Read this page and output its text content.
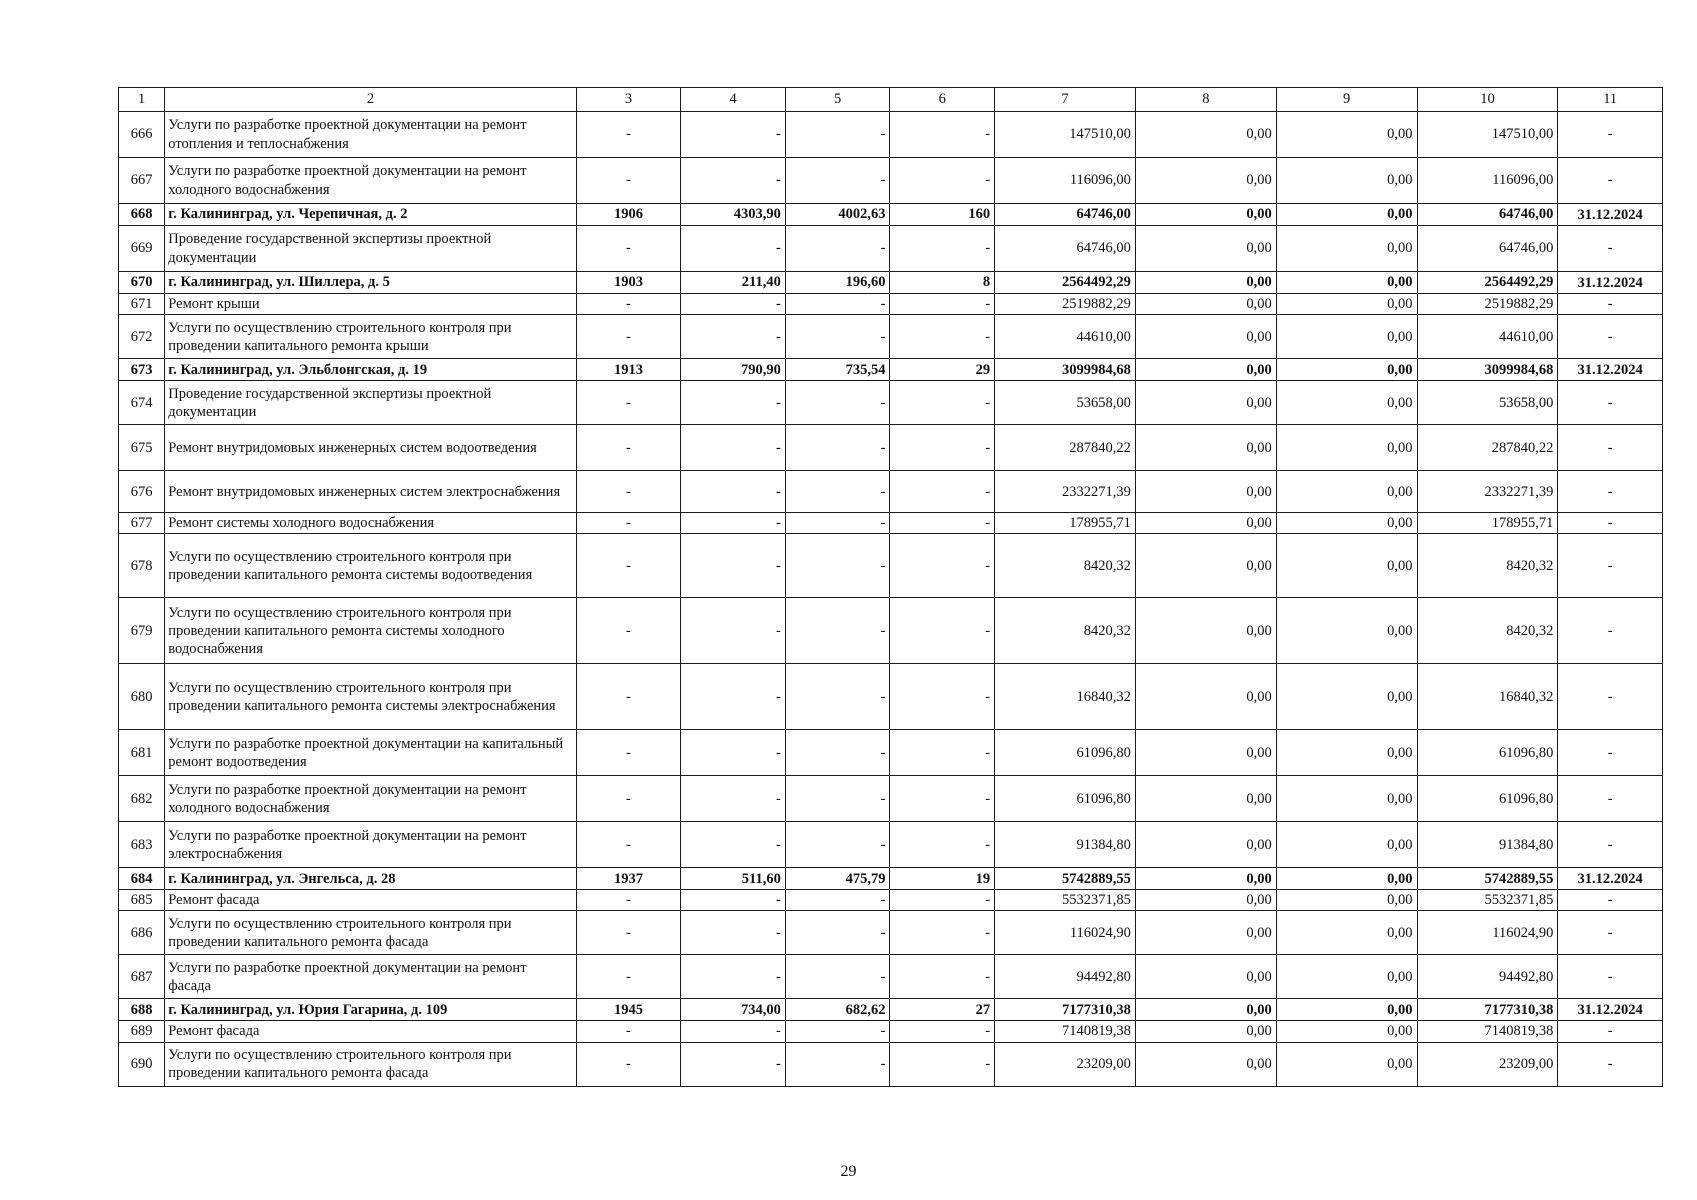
1	2	3	4	5	6	7	8	9	10	11
666	Услуги по разработке проектной документации на ремонт отопления и теплоснабжения	-	-	-	-	147510,00	0,00	0,00	147510,00	-
667	Услуги по разработке проектной документации на ремонт холодного водоснабжения	-	-	-	-	116096,00	0,00	0,00	116096,00	-
668	г. Калининград, ул. Черепичная, д. 2	1906	4303,90	4002,63	160	64746,00	0,00	0,00	64746,00	31.12.2024
669	Проведение государственной экспертизы проектной документации	-	-	-	-	64746,00	0,00	0,00	64746,00	-
670	г. Калининград, ул. Шиллера, д. 5	1903	211,40	196,60	8	2564492,29	0,00	0,00	2564492,29	31.12.2024
671	Ремонт крыши	-	-	-	-	2519882,29	0,00	0,00	2519882,29	-
672	Услуги по осуществлению строительного контроля при проведении капитального ремонта крыши	-	-	-	-	44610,00	0,00	0,00	44610,00	-
673	г. Калининград, ул. Эльблонгская, д. 19	1913	790,90	735,54	29	3099984,68	0,00	0,00	3099984,68	31.12.2024
674	Проведение государственной экспертизы проектной документации	-	-	-	-	53658,00	0,00	0,00	53658,00	-
675	Ремонт внутридомовых инженерных систем водоотведения	-	-	-	-	287840,22	0,00	0,00	287840,22	-
676	Ремонт внутридомовых инженерных систем электроснабжения	-	-	-	-	2332271,39	0,00	0,00	2332271,39	-
677	Ремонт системы холодного водоснабжения	-	-	-	-	178955,71	0,00	0,00	178955,71	-
678	Услуги по осуществлению строительного контроля при проведении капитального ремонта системы водоотведения	-	-	-	-	8420,32	0,00	0,00	8420,32	-
679	Услуги по осуществлению строительного контроля при проведении капитального ремонта системы холодного водоснабжения	-	-	-	-	8420,32	0,00	0,00	8420,32	-
680	Услуги по осуществлению строительного контроля при проведении капитального ремонта системы электроснабжения	-	-	-	-	16840,32	0,00	0,00	16840,32	-
681	Услуги по разработке проектной документации на капитальный ремонт водоотведения	-	-	-	-	61096,80	0,00	0,00	61096,80	-
682	Услуги по разработке проектной документации на ремонт холодного водоснабжения	-	-	-	-	61096,80	0,00	0,00	61096,80	-
683	Услуги по разработке проектной документации на ремонт электроснабжения	-	-	-	-	91384,80	0,00	0,00	91384,80	-
684	г. Калининград, ул. Энгельса, д. 28	1937	511,60	475,79	19	5742889,55	0,00	0,00	5742889,55	31.12.2024
685	Ремонт фасада	-	-	-	-	5532371,85	0,00	0,00	5532371,85	-
686	Услуги по осуществлению строительного контроля при проведении капитального ремонта фасада	-	-	-	-	116024,90	0,00	0,00	116024,90	-
687	Услуги по разработке проектной документации на ремонт фасада	-	-	-	-	94492,80	0,00	0,00	94492,80	-
688	г. Калининград, ул. Юрия Гагарина, д. 109	1945	734,00	682,62	27	7177310,38	0,00	0,00	7177310,38	31.12.2024
689	Ремонт фасада	-	-	-	-	7140819,38	0,00	0,00	7140819,38	-
690	Услуги по осуществлению строительного контроля при проведении капитального ремонта фасада	-	-	-	-	23209,00	0,00	0,00	23209,00	-
29
